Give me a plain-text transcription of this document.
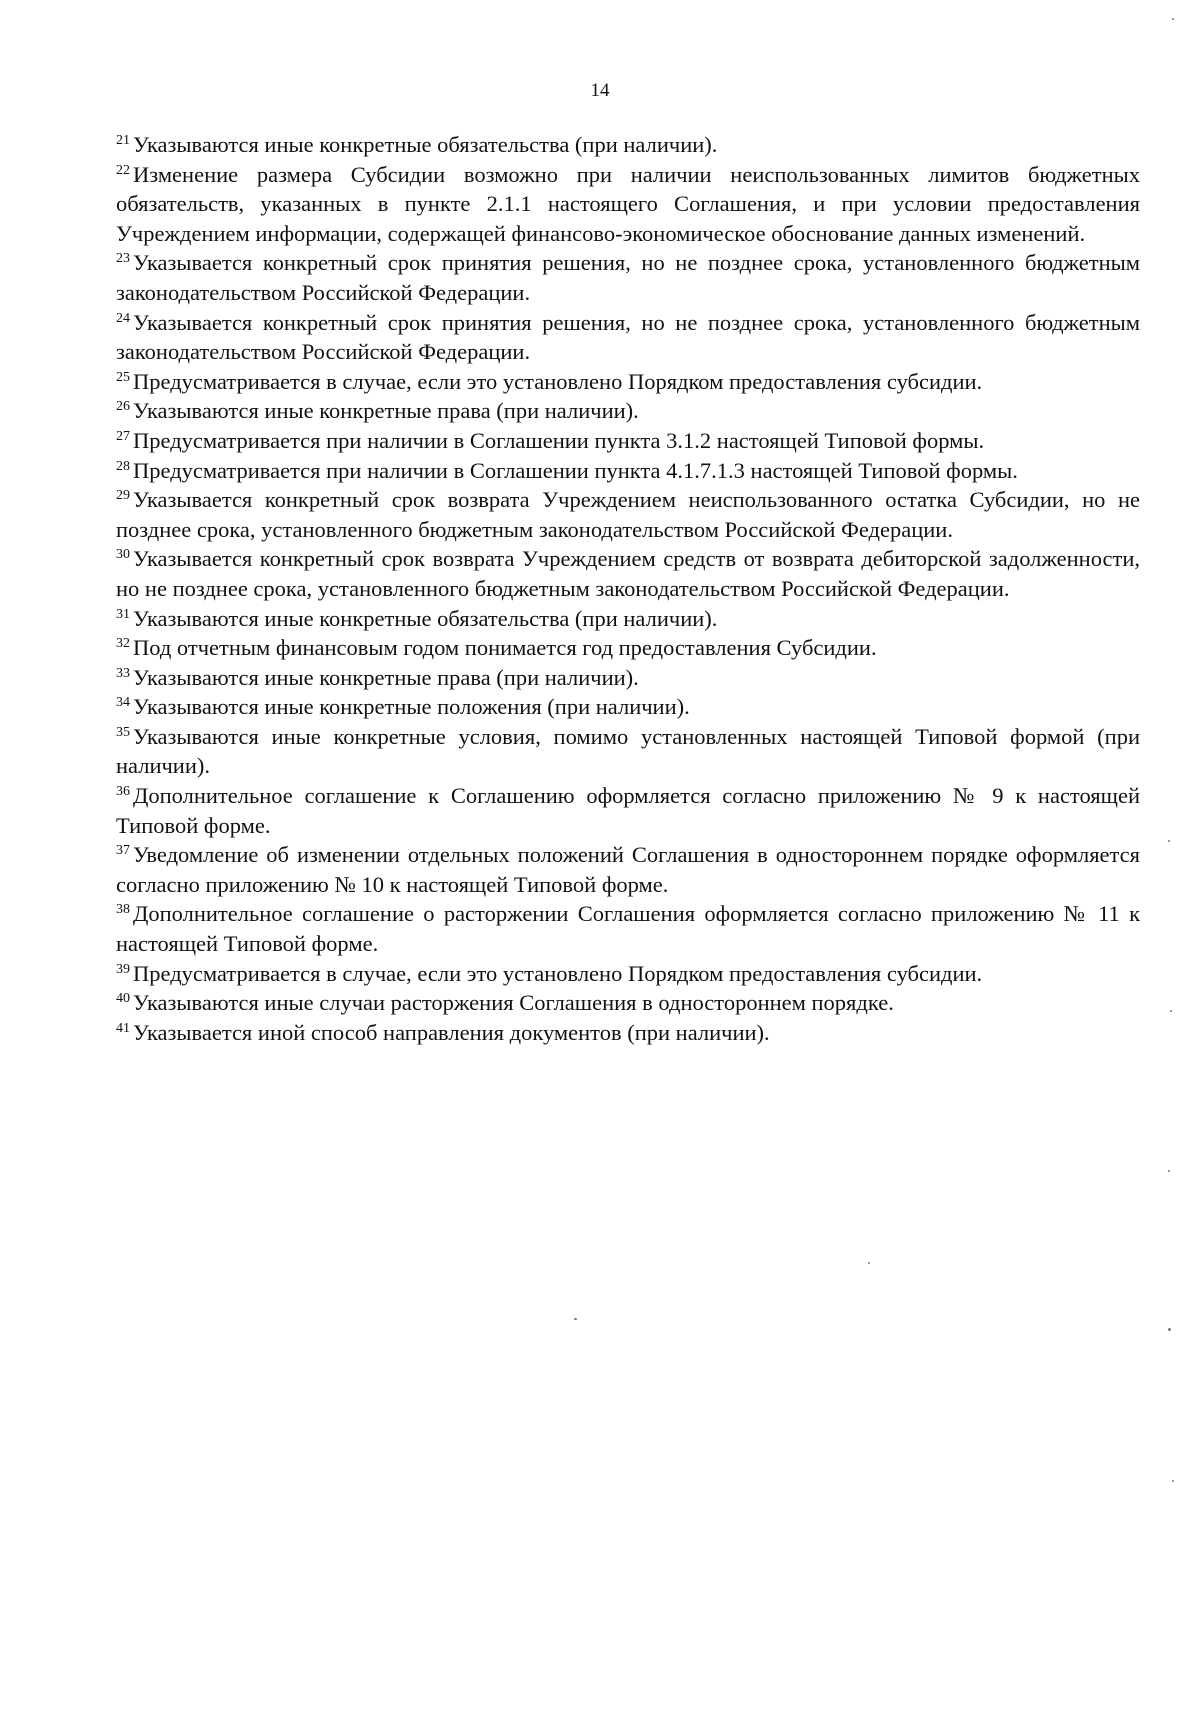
14

$^{21}$ Указываются иные конкретные обязательства (при наличии).

$^{22}$ Изменение размера Субсидии возможно при наличии неиспользованных лимитов бюджетных обязательств, указанных в пункте 2.1.1 настоящего Соглашения, и при условии предоставления Учреждением информации, содержащей финансово-экономическое обоснование данных изменений.

$^{23}$ Указывается конкретный срок принятия решения, но не позднее срока, установленного бюджетным законодательством Российской Федерации.

$^{24}$ Указывается конкретный срок принятия решения, но не позднее срока, установленного бюджетным законодательством Российской Федерации.

$^{25}$ Предусматривается в случае, если это установлено Порядком предоставления субсидии.

$^{26}$ Указываются иные конкретные права (при наличии).

$^{27}$ Предусматривается при наличии в Соглашении пункта 3.1.2 настоящей Типовой формы.

$^{28}$ Предусматривается при наличии в Соглашении пункта 4.1.7.1.3 настоящей Типовой формы.

$^{29}$ Указывается конкретный срок возврата Учреждением неиспользованного остатка Субсидии, но не позднее срока, установленного бюджетным законодательством Российской Федерации.

$^{30}$ Указывается конкретный срок возврата Учреждением средств от возврата дебиторской задолженности, но не позднее срока, установленного бюджетным законодательством Российской Федерации.

$^{31}$ Указываются иные конкретные обязательства (при наличии).

$^{32}$ Под отчетным финансовым годом понимается год предоставления Субсидии.

$^{33}$ Указываются иные конкретные права (при наличии).

$^{34}$ Указываются иные конкретные положения (при наличии).

$^{35}$ Указываются иные конкретные условия, помимо установленных настоящей Типовой формой (при наличии).

$^{36}$ Дополнительное соглашение к Соглашению оформляется согласно приложению № 9 к настоящей Типовой форме.

$^{37}$ Уведомление об изменении отдельных положений Соглашения в одностороннем порядке оформляется согласно приложению № 10 к настоящей Типовой форме.

$^{38}$ Дополнительное соглашение о расторжении Соглашения оформляется согласно приложению № 11 к настоящей Типовой форме.

$^{39}$ Предусматривается в случае, если это установлено Порядком предоставления субсидии.

$^{40}$ Указываются иные случаи расторжения Соглашения в одностороннем порядке.

$^{41}$ Указывается иной способ направления документов (при наличии).
